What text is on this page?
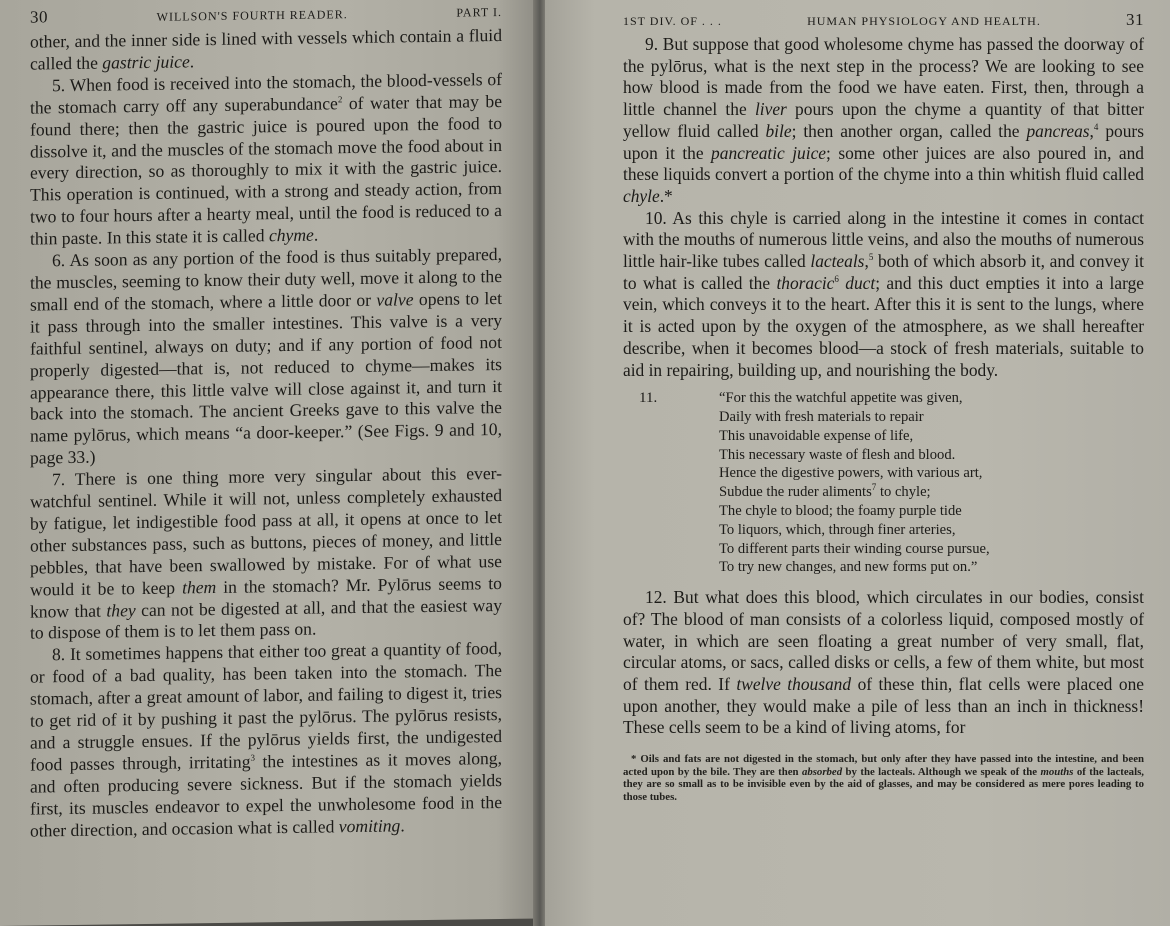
30	WILLSON'S FOURTH READER.	PART I.

other, and the inner side is lined with vessels which contain a fluid called the gastric juice.

5. When food is received into the stomach, the blood-vessels of the stomach carry off any superabundance$^2$ of water that may be found there; then the gastric juice is poured upon the food to dissolve it, and the muscles of the stomach move the food about in every direction, so as thoroughly to mix it with the gastric juice. This operation is continued, with a strong and steady action, from two to four hours after a hearty meal, until the food is reduced to a thin paste. In this state it is called chyme.

6. As soon as any portion of the food is thus suitably prepared, the muscles, seeming to know their duty well, move it along to the small end of the stomach, where a little door or valve opens to let it pass through into the smaller intestines. This valve is a very faithful sentinel, always on duty; and if any portion of food not properly digested—that is, not reduced to chyme—makes its appearance there, this little valve will close against it, and turn it back into the stomach. The ancient Greeks gave to this valve the name pylōrus, which means “a door-keeper.” (See Figs. 9 and 10, page 33.)

7. There is one thing more very singular about this ever-watchful sentinel. While it will not, unless completely exhausted by fatigue, let indigestible food pass at all, it opens at once to let other substances pass, such as buttons, pieces of money, and little pebbles, that have been swallowed by mistake. For of what use would it be to keep them in the stomach? Mr. Pylōrus seems to know that they can not be digested at all, and that the easiest way to dispose of them is to let them pass on.

8. It sometimes happens that either too great a quantity of food, or food of a bad quality, has been taken into the stomach. The stomach, after a great amount of labor, and failing to digest it, tries to get rid of it by pushing it past the pylōrus. The pylōrus resists, and a struggle ensues. If the pylōrus yields first, the undigested food passes through, irritating$^3$ the intestines as it moves along, and often producing severe sickness. But if the stomach yields first, its muscles endeavor to expel the unwholesome food in the other direction, and occasion what is called vomiting.

1ST DIV. OF . . .	HUMAN PHYSIOLOGY AND HEALTH.	31

9. But suppose that good wholesome chyme has passed the doorway of the pylōrus, what is the next step in the process? We are looking to see how blood is made from the food we have eaten. First, then, through a little channel the liver pours upon the chyme a quantity of that bitter yellow fluid called bile; then another organ, called the pancreas,$^4$ pours upon it the pancreatic juice; some other juices are also poured in, and these liquids convert a portion of the chyme into a thin whitish fluid called chyle.*

10. As this chyle is carried along in the intestine it comes in contact with the mouths of numerous little veins, and also the mouths of numerous little hair-like tubes called lacteals,$^5$ both of which absorb it, and convey it to what is called the thoracic$^6$ duct; and this duct empties it into a large vein, which conveys it to the heart. After this it is sent to the lungs, where it is acted upon by the oxygen of the atmosphere, as we shall hereafter describe, when it becomes blood—a stock of fresh materials, suitable to aid in repairing, building up, and nourishing the body.

11.	“For this the watchful appetite was given,
Daily with fresh materials to repair
This unavoidable expense of life,
This necessary waste of flesh and blood.
Hence the digestive powers, with various art,
Subdue the ruder aliments$^7$ to chyle;
The chyle to blood; the foamy purple tide
To liquors, which, through finer arteries,
To different parts their winding course pursue,
To try new changes, and new forms put on.”

12. But what does this blood, which circulates in our bodies, consist of? The blood of man consists of a colorless liquid, composed mostly of water, in which are seen floating a great number of very small, flat, circular atoms, or sacs, called disks or cells, a few of them white, but most of them red. If twelve thousand of these thin, flat cells were placed one upon another, they would make a pile of less than an inch in thickness! These cells seem to be a kind of living atoms, for

* Oils and fats are not digested in the stomach, but only after they have passed into the intestine, and been acted upon by the bile. They are then absorbed by the lacteals. Although we speak of the mouths of the lacteals, they are so small as to be invisible even by the aid of glasses, and may be considered as mere pores leading to those tubes.
